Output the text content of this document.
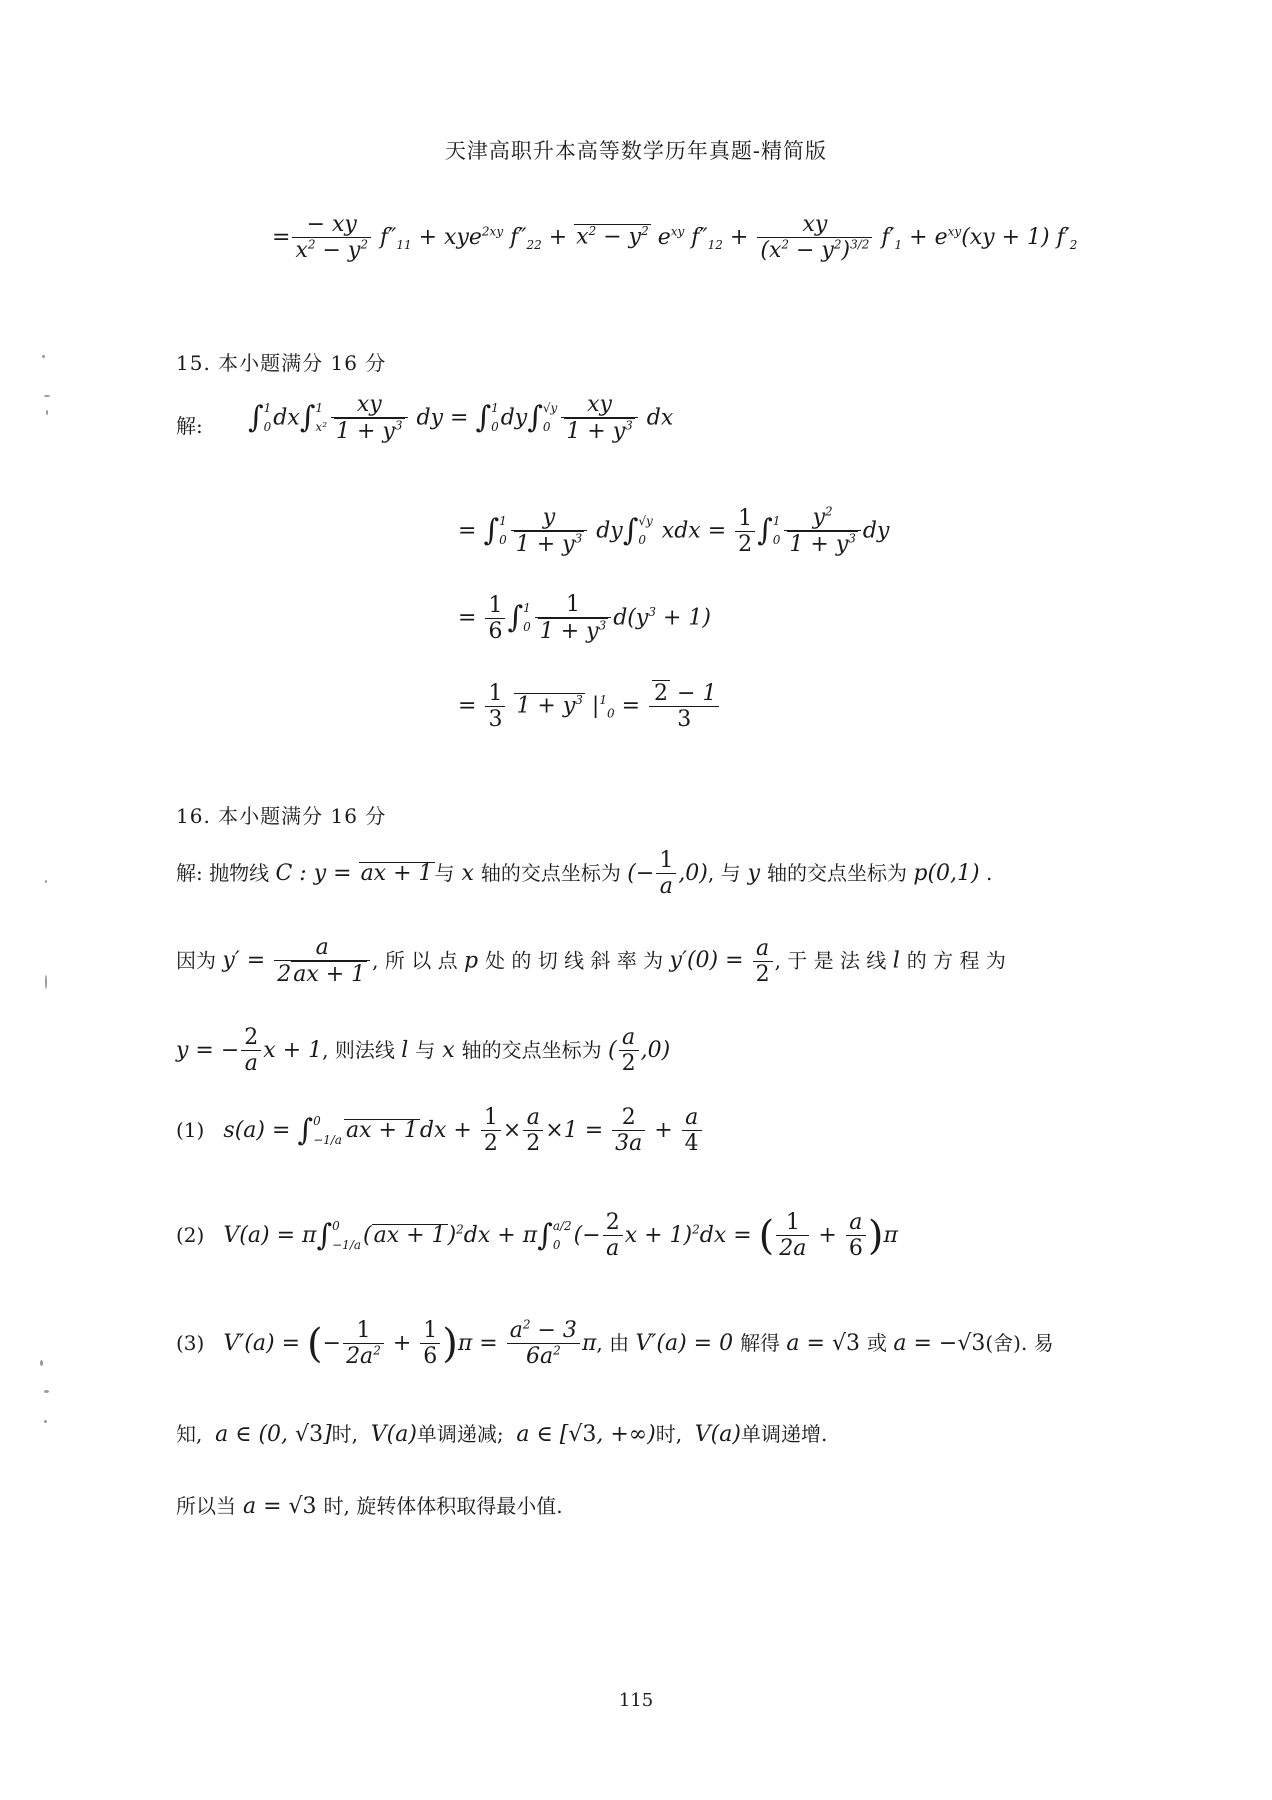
天津高职升本高等数学历年真题-精简版
= $\frac{- xy}{x^2 - y^2} f''_{11} + xye^{2xy}$ $f''_{22} + x^2 - y^2$ $e^{xy}$ $f''_{12} + \frac{xy}{(x^2 - y^2)^{3/2}} f'_1 + e^{xy}(xy + 1)$ $f'_2$
15. 本小题满分 16 分
解: ∫ 1
0 dx∫ 1
$x^2 \frac{xy}{1 + y^3}$ dy = ∫ 1
0 dy∫ √y
$0 \frac{xy}{1 + y^3}$ dx
= ∫ 1
$0 \frac{y}{1 + y^3} dy\int$ √y
0 xdx = $\frac{1}{2}$ ∫ 1
$0 \frac{y^2}{1 + y^3}$ dy
= $\frac{1}{6}$ ∫ 1
$0 \frac{1}{1 + y^3} d(y^3 + 1)$
= $\frac{1}{3} 1 + y^3$ $|^1_0 = \frac{2 - 1}{3}$
16. 本小题满分 16 分
解: 抛物线 C : y = ax + 1 与 x 轴的交点坐标为 (− $\frac{1}{a} ,0$), 与 y 轴的交点坐标为 p(0,1) .
因为 $y' = \frac{a}{2ax + 1}$ , 所 以 点 p 处 的 切 线 斜 率 为 $y'(0) = \frac{a}{2}$ , 于 是 法 线 l 的 方 程 为
y = − $\frac{2}{a}$ x + 1, 则法线 l 与 x 轴的交点坐标为 ( $\frac{a}{2} ,0$)
(1) s(a) = ∫ 0
−1/a ax + $1dx + \frac{1}{2} \times \frac{a}{2} \times 1 = \frac{2}{3a} + \frac{a}{4}$
(2) V(a) = π∫ 0
−1/a (ax + 1)$^2$dx + π∫ a/2
0 (− $\frac{2}{a}$ x + 1)$^2$dx = ( $\frac{1}{2a} + \frac{a}{6} )\pi$
(3) V′(a) = (− $\frac{1}{2a^2} + \frac{1}{6} )\pi = \frac{a^2 - 3}{6a^2} \pi$, 由 V′(a) = 0 解得 a = √3 或 a = −√3(舍). 易
知, a ∈ (0, √3]时, V(a)单调递减; a ∈ [√3, +∞)时, V(a)单调递增.
所以当 a = √3 时, 旋转体体积取得最小值.
115
